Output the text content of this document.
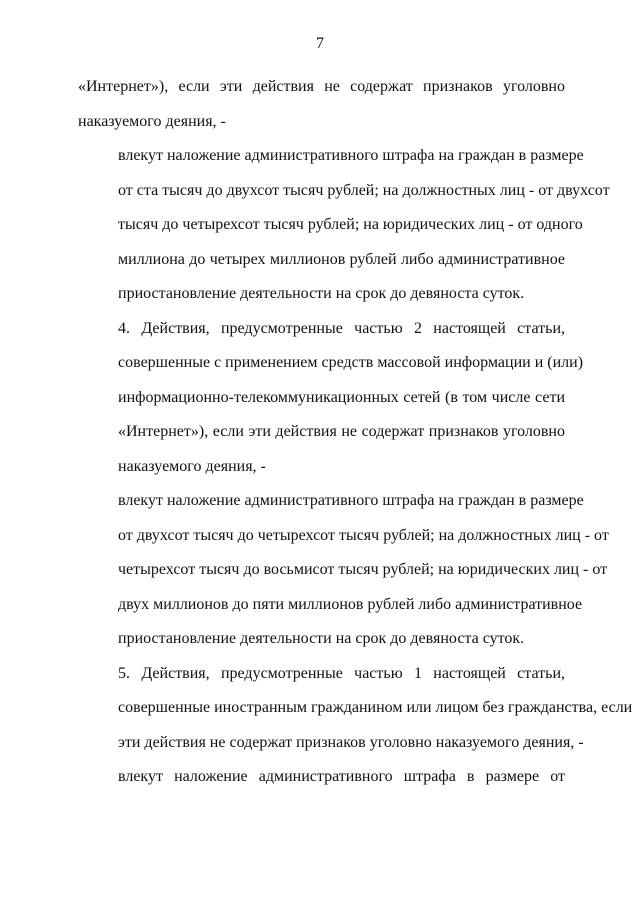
7

«Интернет»), если эти действия не содержат признаков уголовно
наказуемого деяния, -

влекут наложение административного штрафа на граждан в размере
от ста тысяч до двухсот тысяч рублей; на должностных лиц - от двухсот
тысяч до четырехсот тысяч рублей; на юридических лиц - от одного
миллиона до четырех миллионов рублей либо административное
приостановление деятельности на срок до девяноста суток.

4. Действия, предусмотренные частью 2 настоящей статьи,
совершенные с применением средств массовой информации и (или)
информационно-телекоммуникационных сетей (в том числе сети
«Интернет»), если эти действия не содержат признаков уголовно
наказуемого деяния, -

влекут наложение административного штрафа на граждан в размере
от двухсот тысяч до четырехсот тысяч рублей; на должностных лиц - от
четырехсот тысяч до восьмисот тысяч рублей; на юридических лиц - от
двух миллионов до пяти миллионов рублей либо административное
приостановление деятельности на срок до девяноста суток.

5. Действия, предусмотренные частью 1 настоящей статьи,
совершенные иностранным гражданином или лицом без гражданства, если
эти действия не содержат признаков уголовно наказуемого деяния, -

влекут наложение административного штрафа в размере от
